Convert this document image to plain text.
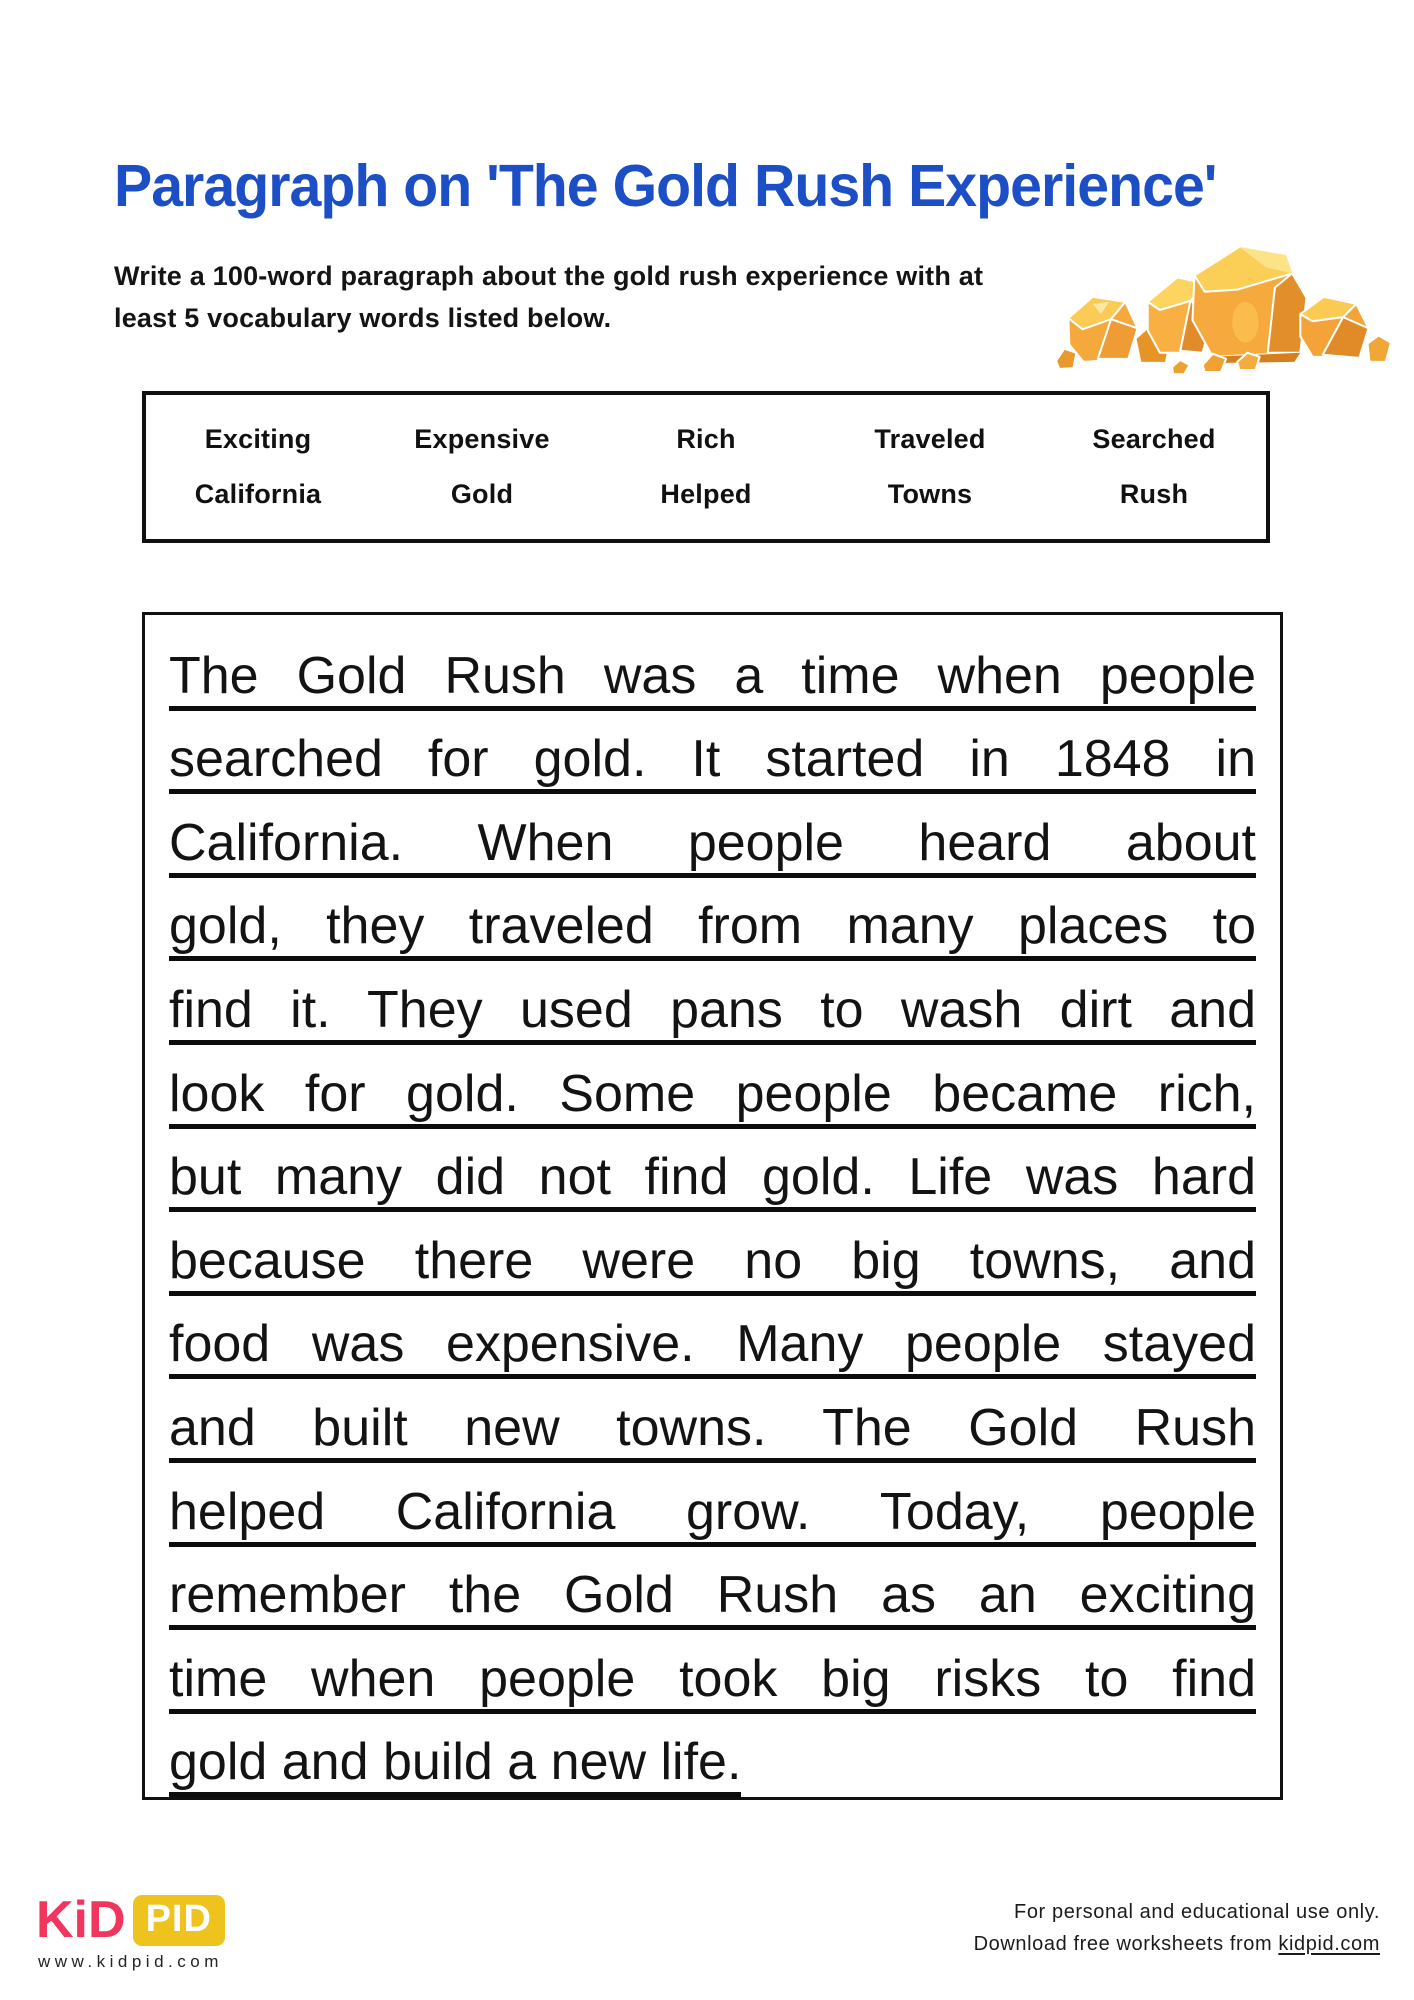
Paragraph on 'The Gold Rush Experience'
Write a 100-word paragraph about the gold rush experience with at
least 5 vocabulary words listed below.
Exciting	Expensive	Rich	Traveled	Searched
California	Gold	Helped	Towns	Rush
The Gold Rush was a time when people
searched for gold. It started in 1848 in
California. When people heard about
gold, they traveled from many places to
find it. They used pans to wash dirt and
look for gold. Some people became rich,
but many did not find gold. Life was hard
because there were no big towns, and
food was expensive. Many people stayed
and built new towns. The Gold Rush
helped California grow. Today, people
remember the Gold Rush as an exciting
time when people took big risks to find
gold and build a new life.
KiD PID
www.kidpid.com
For personal and educational use only.
Download free worksheets from kidpid.com
